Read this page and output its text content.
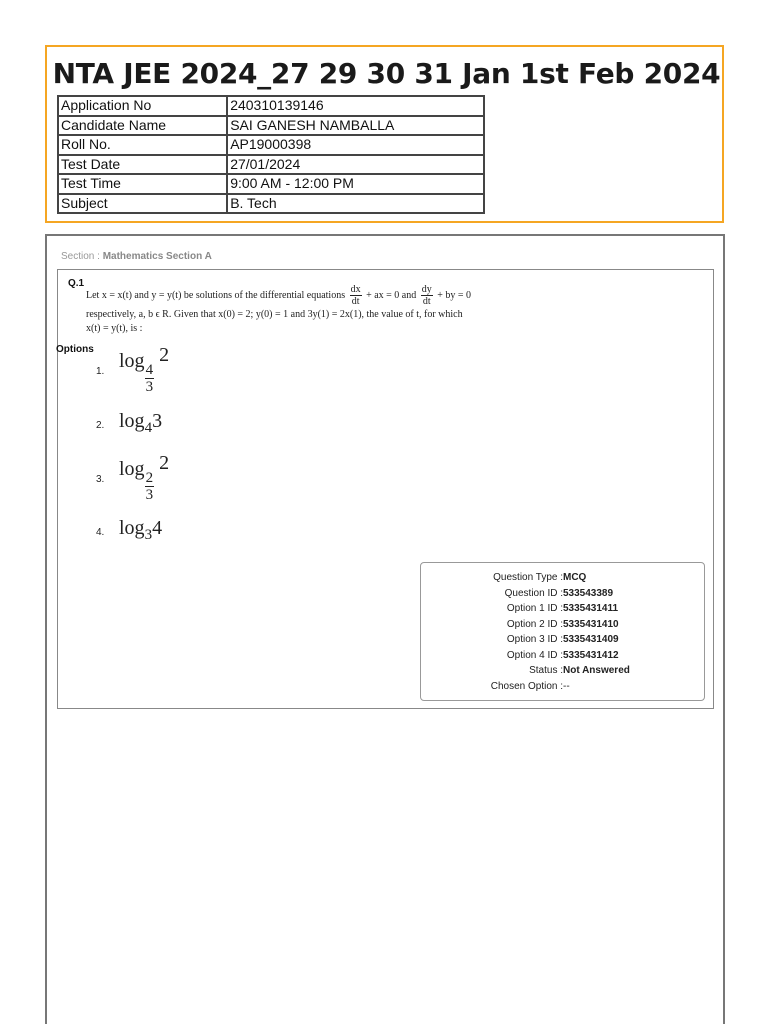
NTA JEE 2024_27 29 30 31 Jan 1st Feb 2024
Application No	240310139146
Candidate Name	SAI GANESH NAMBALLA
Roll No.	AP19000398
Test Date	27/01/2024
Test Time	9:00 AM - 12:00 PM
Subject	B. Tech
Section : Mathematics Section A
Q.1
Let x = x(t) and y = y(t) be solutions of the differential equations $\frac{dx}{dt}$ + ax = 0 and $\frac{dy}{dt}$ + by = 0
respectively, a, b ϵ R. Given that x(0) = 2; y(0) = 1 and 3y(1) = 2x(1), the value of t, for which
x(t) = y(t), is :
Options
1. log
$\frac{4}{3}$
2
2. $\log_43$
3. log
$\frac{2}{3}$
2
4. $\log_34$
Question Type : MCQ
Question ID : 533543389
Option 1 ID : 5335431411
Option 2 ID : 5335431410
Option 3 ID : 5335431409
Option 4 ID : 5335431412
Status : Not Answered
Chosen Option : --
